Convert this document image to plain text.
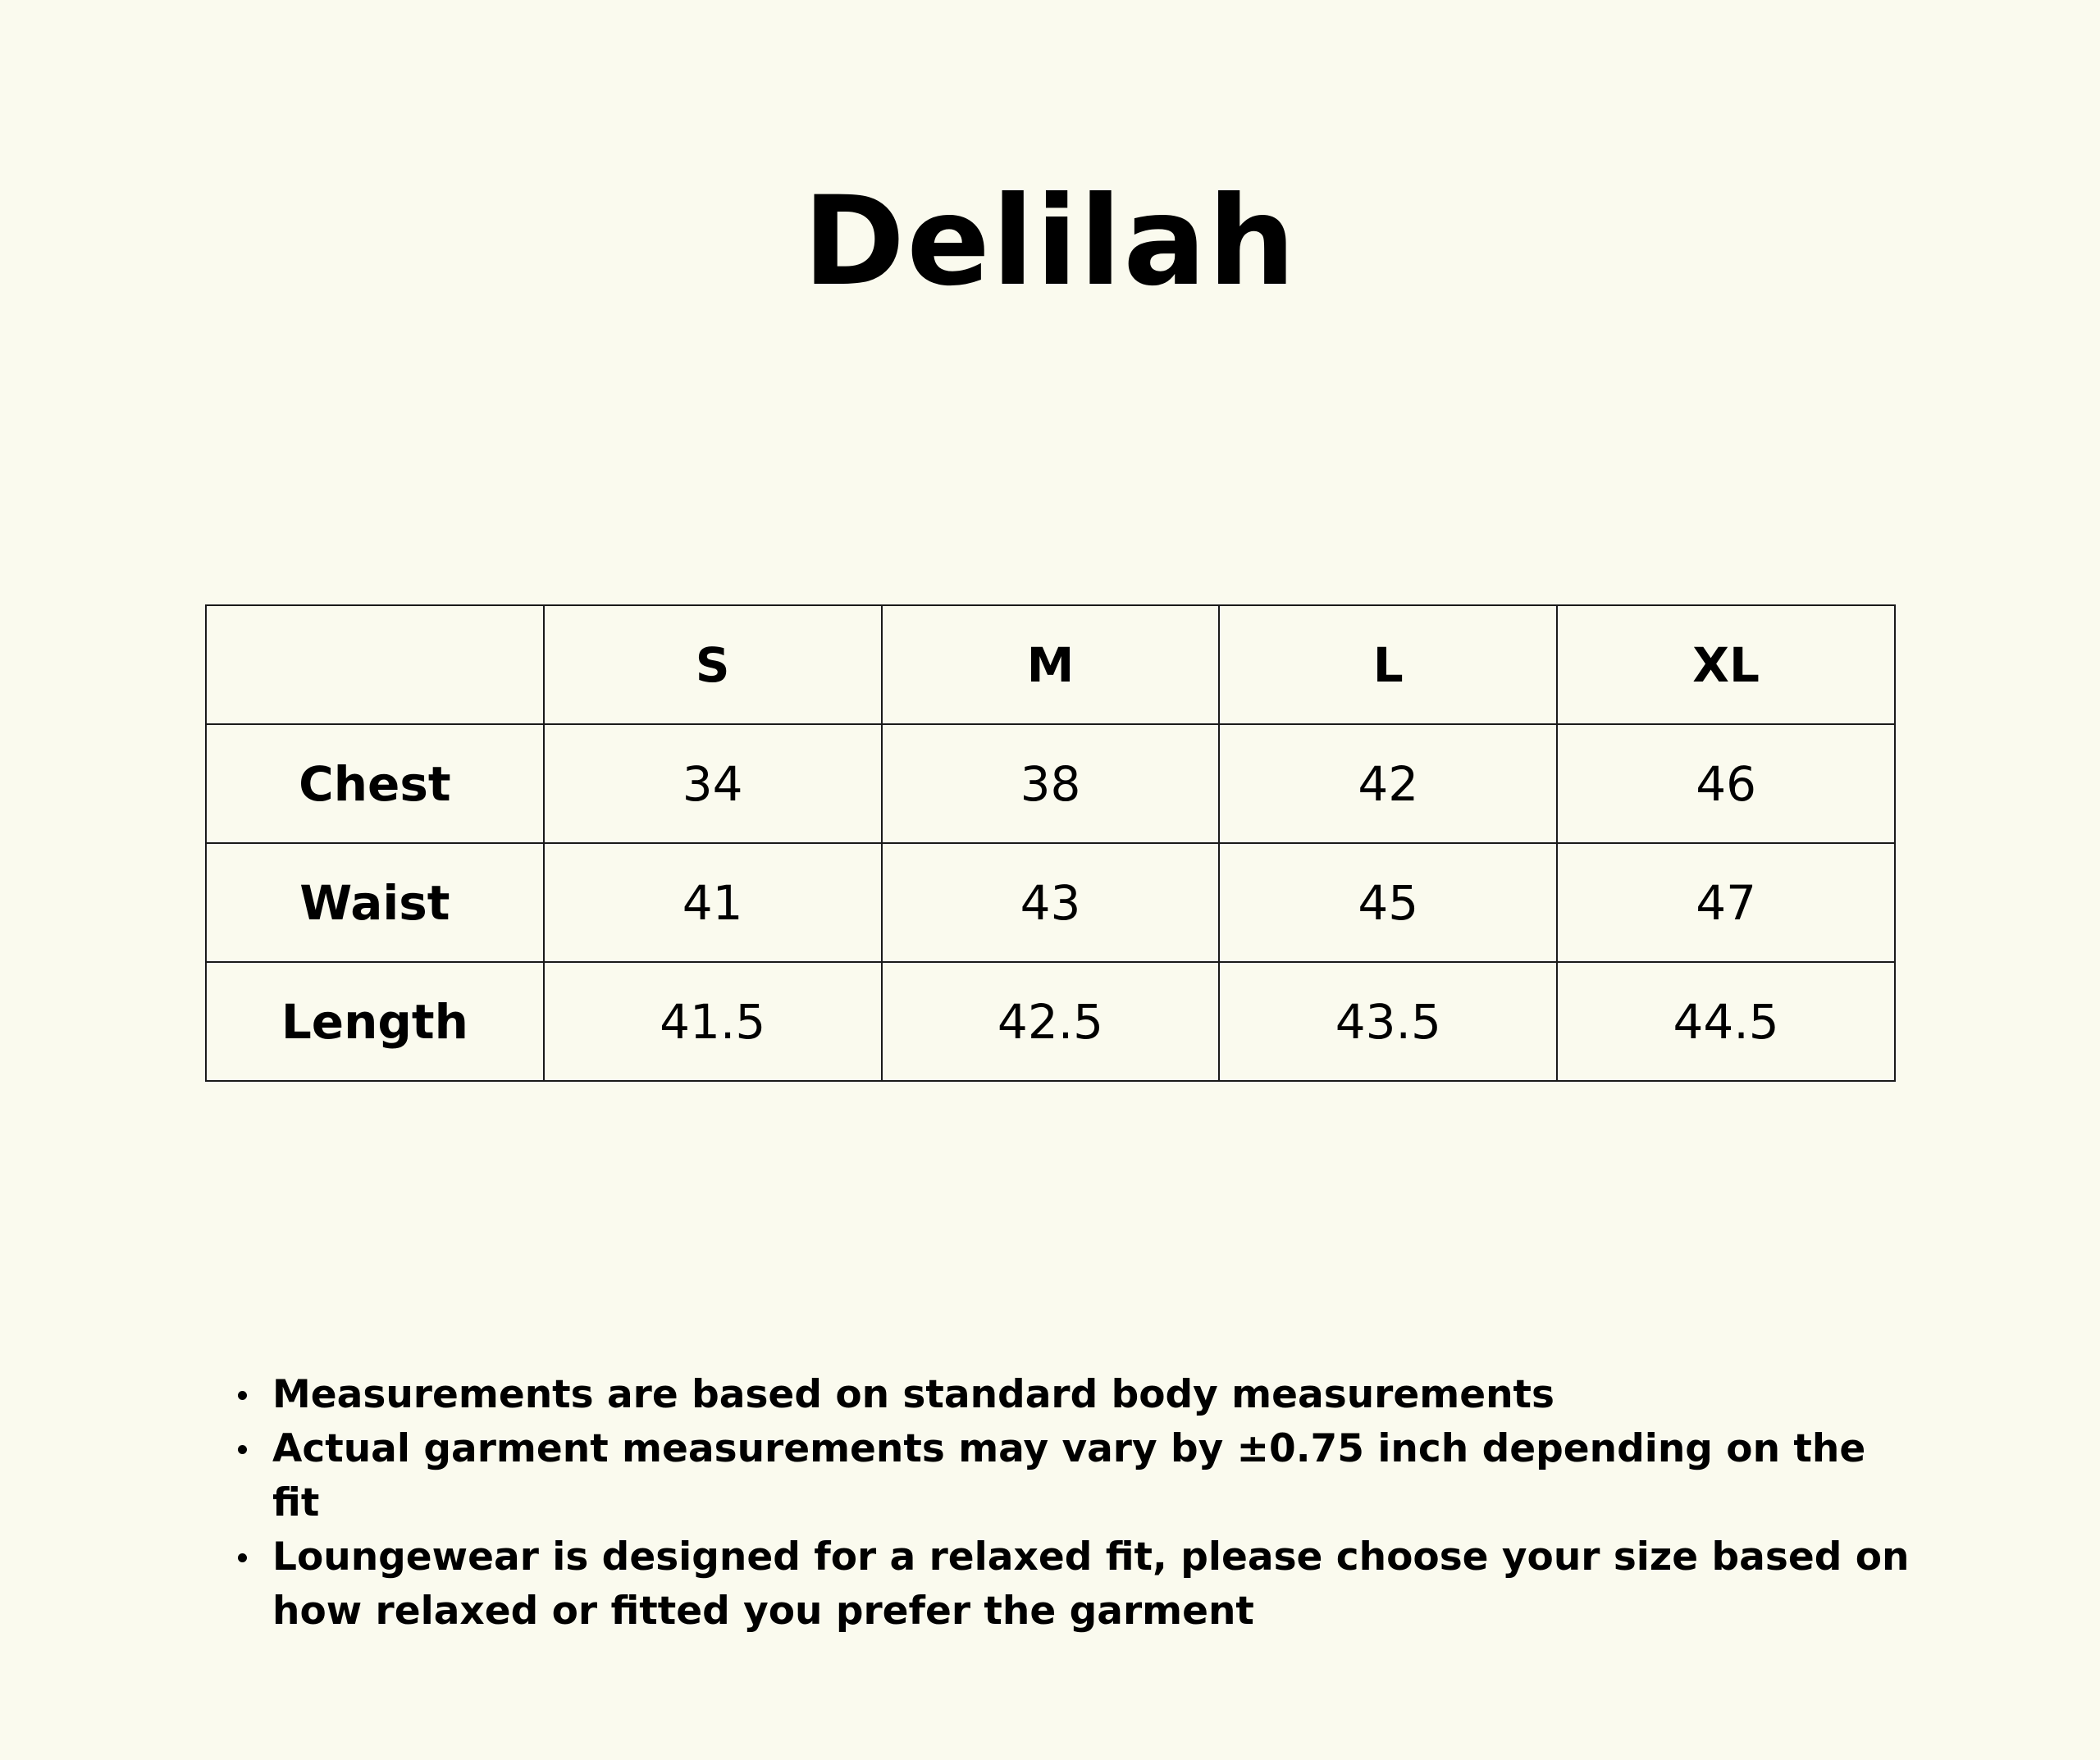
Delilah
	S	M	L	XL
Chest	34	38	42	46
Waist	41	43	45	47
Length	41.5	42.5	43.5	44.5
Measurements are based on standard body measurements
Actual garment measurements may vary by ±0.75 inch depending on the fit
Loungewear is designed for a relaxed fit, please choose your size based on how relaxed or fitted you prefer the garment
